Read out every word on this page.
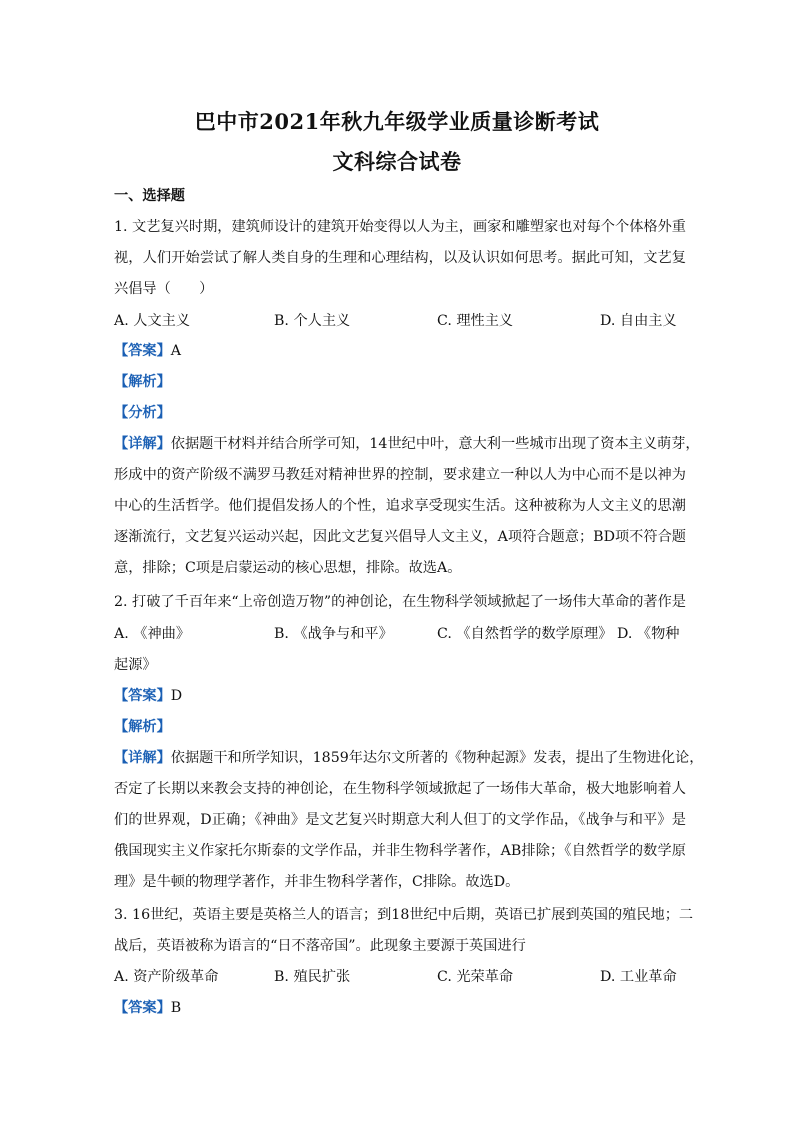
巴中市2021年秋九年级学业质量诊断考试
文科综合试卷
一、选择题
1. 文艺复兴时期，建筑师设计的建筑开始变得以人为主，画家和雕塑家也对每个个体格外重
视，人们开始尝试了解人类自身的生理和心理结构，以及认识如何思考。据此可知，文艺复
兴倡导（　　）
A. 人文主义	B. 个人主义	C. 理性主义	D. 自由主义
【答案】A
【解析】
【分析】
【详解】依据题干材料并结合所学可知，14世纪中叶，意大利一些城市出现了资本主义萌芽，
形成中的资产阶级不满罗马教廷对精神世界的控制，要求建立一种以人为中心而不是以神为
中心的生活哲学。他们提倡发扬人的个性，追求享受现实生活。这种被称为人文主义的思潮
逐渐流行，文艺复兴运动兴起，因此文艺复兴倡导人文主义，A项符合题意；BD项不符合题
意，排除；C项是启蒙运动的核心思想，排除。故选A。
2. 打破了千百年来“上帝创造万物”的神创论，在生物科学领域掀起了一场伟大革命的著作是
A. 《神曲》	B. 《战争与和平》	C. 《自然哲学的数学原理》 D. 《物种
起源》
【答案】D
【解析】
【详解】依据题干和所学知识，1859年达尔文所著的《物种起源》发表，提出了生物进化论，
否定了长期以来教会支持的神创论，在生物科学领域掀起了一场伟大革命，极大地影响着人
们的世界观，D正确；《神曲》是文艺复兴时期意大利人但丁的文学作品，《战争与和平》是
俄国现实主义作家托尔斯泰的文学作品，并非生物科学著作，AB排除；《自然哲学的数学原
理》是牛顿的物理学著作，并非生物科学著作，C排除。故选D。
3. 16世纪，英语主要是英格兰人的语言；到18世纪中后期，英语已扩展到英国的殖民地；二
战后，英语被称为语言的“日不落帝国”。此现象主要源于英国进行
A. 资产阶级革命	B. 殖民扩张	C. 光荣革命	D. 工业革命
【答案】B
